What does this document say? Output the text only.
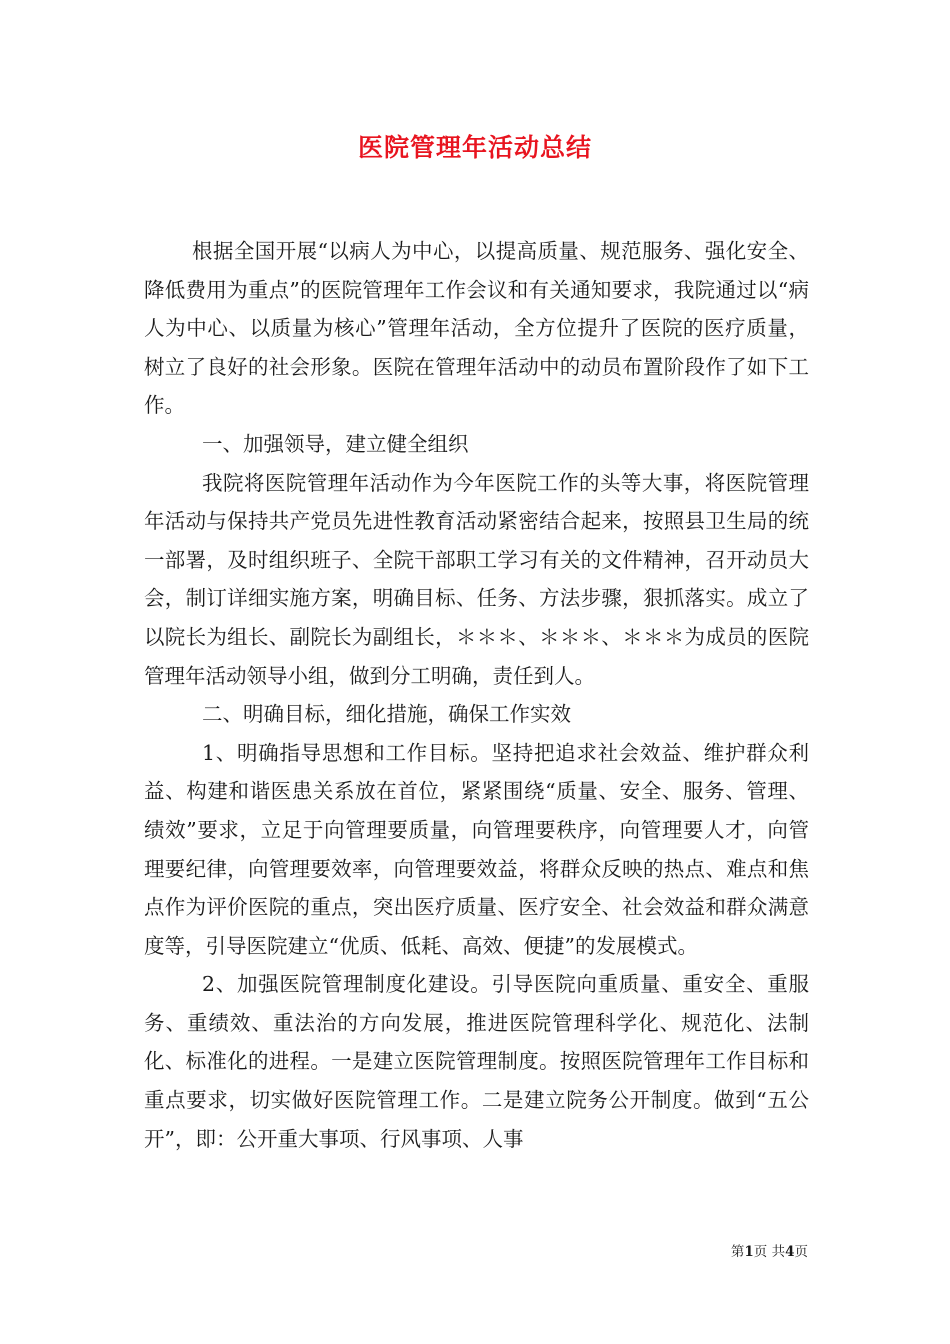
医院管理年活动总结

根据全国开展“以病人为中心，以提高质量、规范服务、强化安全、降低费用为重点”的医院管理年工作会议和有关通知要求，我院通过以“病人为中心、以质量为核心”管理年活动，全方位提升了医院的医疗质量，树立了良好的社会形象。医院在管理年活动中的动员布置阶段作了如下工作。

一、加强领导，建立健全组织

我院将医院管理年活动作为今年医院工作的头等大事，将医院管理年活动与保持共产党员先进性教育活动紧密结合起来，按照县卫生局的统一部署，及时组织班子、全院干部职工学习有关的文件精神，召开动员大会，制订详细实施方案，明确目标、任务、方法步骤，狠抓落实。成立了以院长为组长、副院长为副组长，＊＊＊、＊＊＊、＊＊＊为成员的医院管理年活动领导小组，做到分工明确，责任到人。

二、明确目标，细化措施，确保工作实效

1、明确指导思想和工作目标。坚持把追求社会效益、维护群众利益、构建和谐医患关系放在首位，紧紧围绕“质量、安全、服务、管理、绩效”要求，立足于向管理要质量，向管理要秩序，向管理要人才，向管理要纪律，向管理要效率，向管理要效益，将群众反映的热点、难点和焦点作为评价医院的重点，突出医疗质量、医疗安全、社会效益和群众满意度等，引导医院建立“优质、低耗、高效、便捷”的发展模式。

2、加强医院管理制度化建设。引导医院向重质量、重安全、重服务、重绩效、重法治的方向发展，推进医院管理科学化、规范化、法制化、标准化的进程。一是建立医院管理制度。按照医院管理年工作目标和重点要求，切实做好医院管理工作。二是建立院务公开制度。做到“五公开”，即：公开重大事项、行风事项、人事

第1页 共4页
